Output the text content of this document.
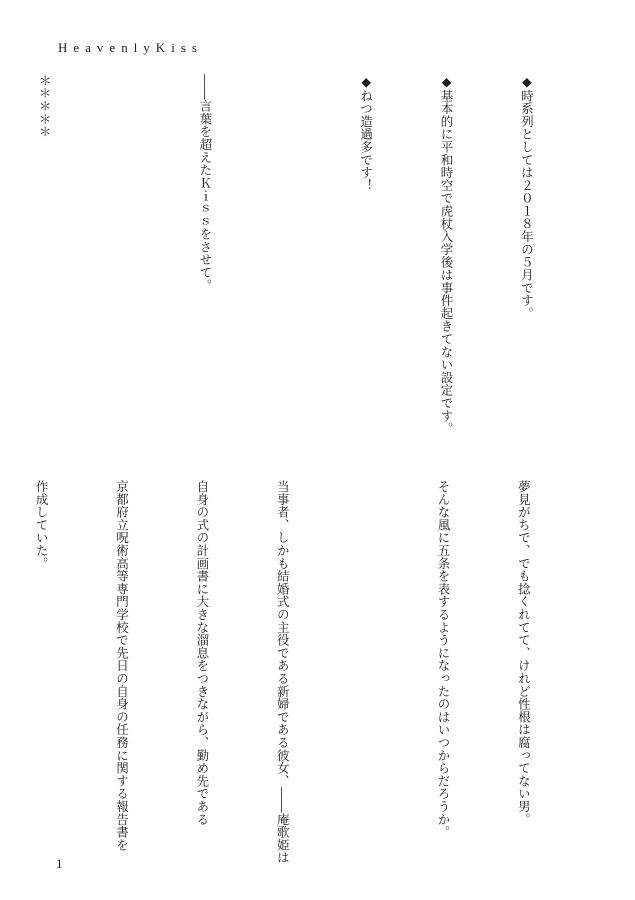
HeavenlyKiss

◆時系列としては２０１８年の５月です。

◆基本的に平和時空で虎杖入学後は事件起きてない設定です。

◆ねつ造過多です！

――言葉を超えたＫｉｓｓをさせて。

＊＊＊＊＊

夢見がちで、でも捻くれてて、けれど性根は腐ってない男。

そんな風に五条を表するようになったのはいつからだろうか。

当事者、しかも結婚式の主役である新婦である彼女、――庵歌姫は

自身の式の計画書に大きな溜息をつきながら、勤め先である

京都府立呪術高等専門学校で先日の自身の任務に関する報告書を

作成していた。

1
